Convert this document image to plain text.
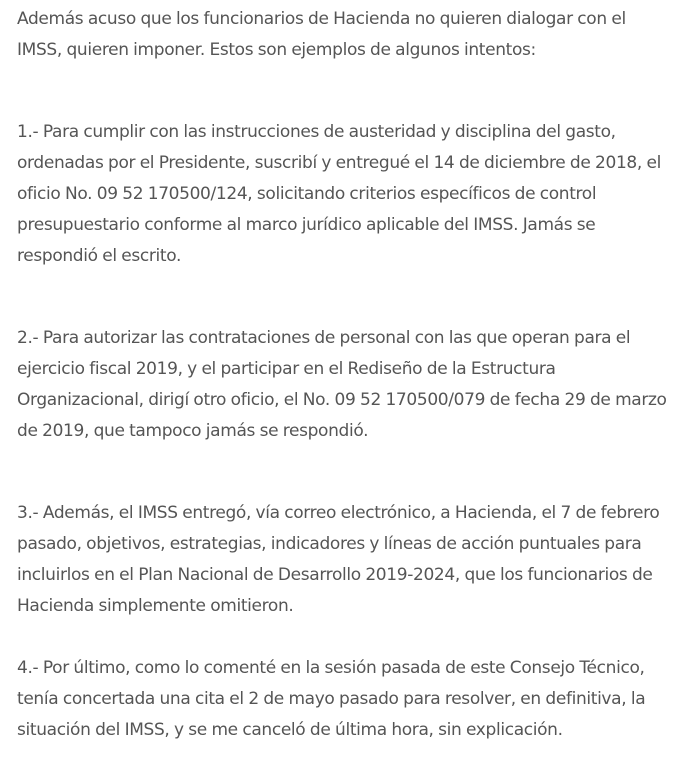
Además acuso que los funcionarios de Hacienda no quieren dialogar con el IMSS, quieren imponer. Estos son ejemplos de algunos intentos:

1.- Para cumplir con las instrucciones de austeridad y disciplina del gasto, ordenadas por el Presidente, suscribí y entregué el 14 de diciembre de 2018, el oficio No. 09 52 170500/124, solicitando criterios específicos de control presupuestario conforme al marco jurídico aplicable del IMSS. Jamás se respondió el escrito.

2.- Para autorizar las contrataciones de personal con las que operan para el ejercicio fiscal 2019, y el participar en el Rediseño de la Estructura Organizacional, dirigí otro oficio, el No. 09 52 170500/079 de fecha 29 de marzo de 2019, que tampoco jamás se respondió.

3.- Además, el IMSS entregó, vía correo electrónico, a Hacienda, el 7 de febrero pasado, objetivos, estrategias, indicadores y líneas de acción puntuales para incluirlos en el Plan Nacional de Desarrollo 2019-2024, que los funcionarios de Hacienda simplemente omitieron.

4.- Por último, como lo comenté en la sesión pasada de este Consejo Técnico, tenía concertada una cita el 2 de mayo pasado para resolver, en definitiva, la situación del IMSS, y se me canceló de última hora, sin explicación.
